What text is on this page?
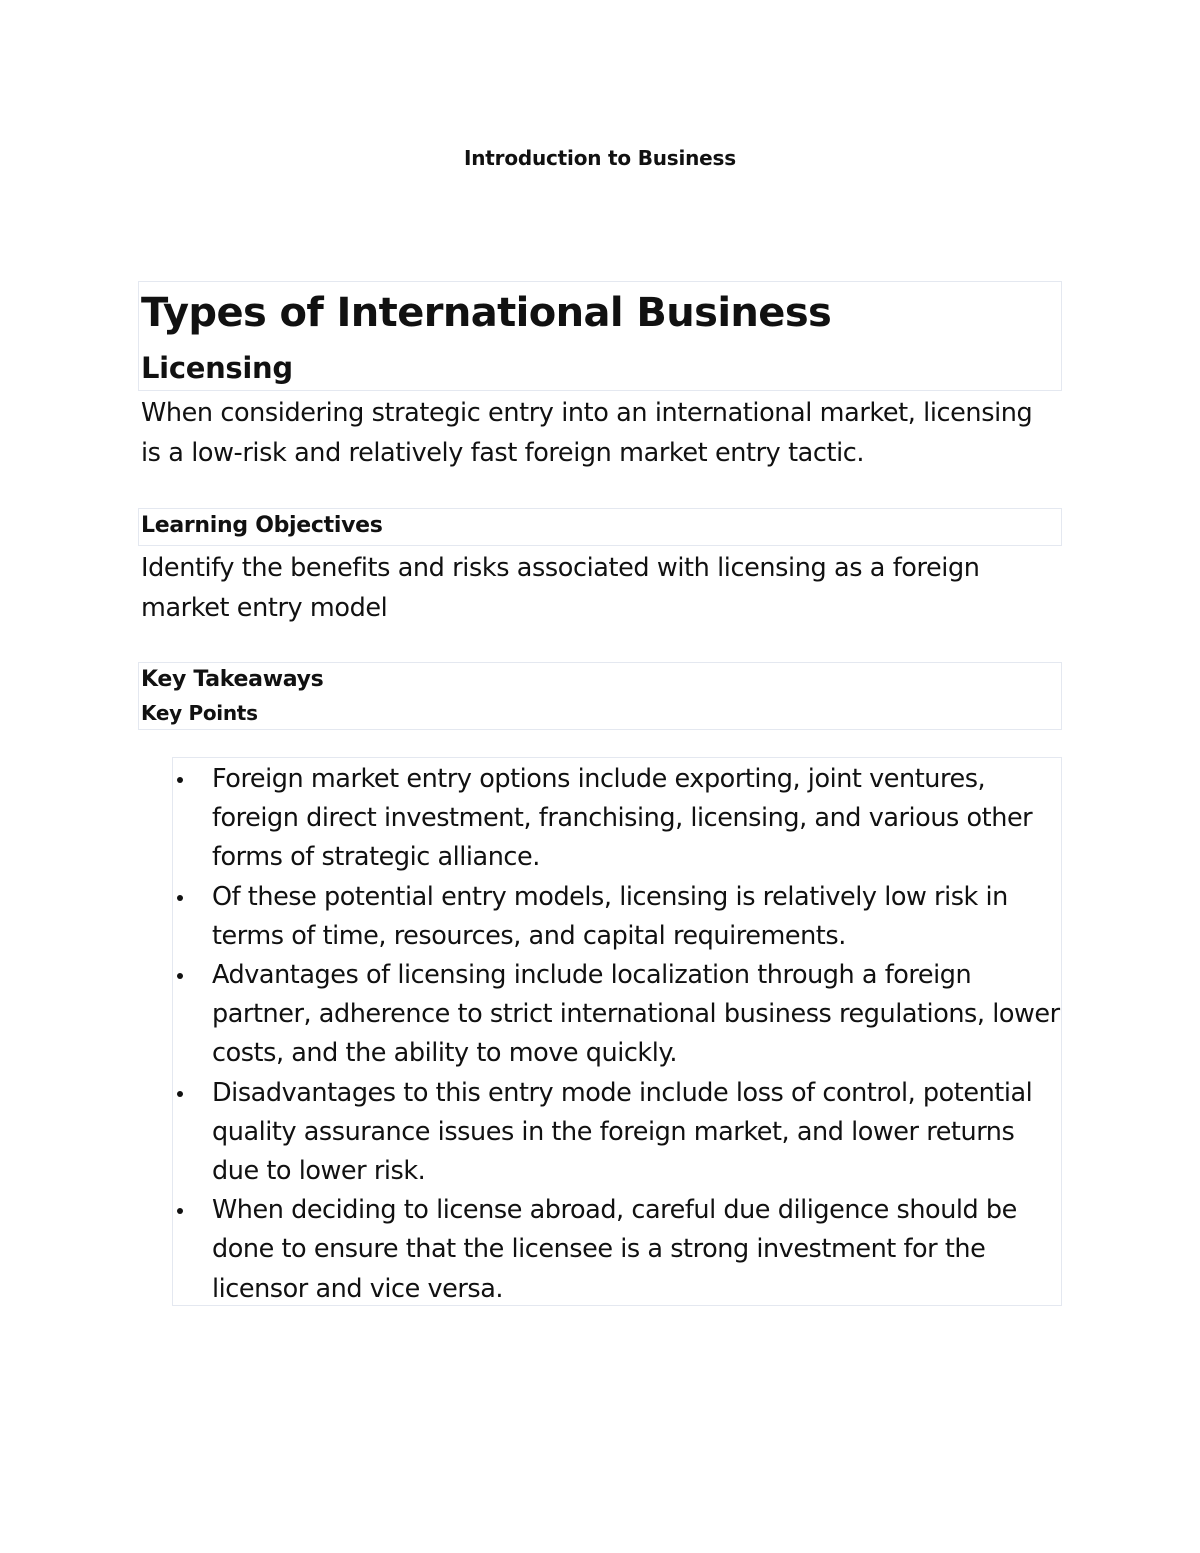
Introduction to Business
Types of International Business
Licensing
When considering strategic entry into an international market, licensing is a low-risk and relatively fast foreign market entry tactic.
Learning Objectives
Identify the benefits and risks associated with licensing as a foreign market entry model
Key Takeaways
Key Points
Foreign market entry options include exporting, joint ventures, foreign direct investment, franchising, licensing, and various other forms of strategic alliance.
Of these potential entry models, licensing is relatively low risk in terms of time, resources, and capital requirements.
Advantages of licensing include localization through a foreign partner, adherence to strict international business regulations, lower costs, and the ability to move quickly.
Disadvantages to this entry mode include loss of control, potential quality assurance issues in the foreign market, and lower returns due to lower risk.
When deciding to license abroad, careful due diligence should be done to ensure that the licensee is a strong investment for the licensor and vice versa.
